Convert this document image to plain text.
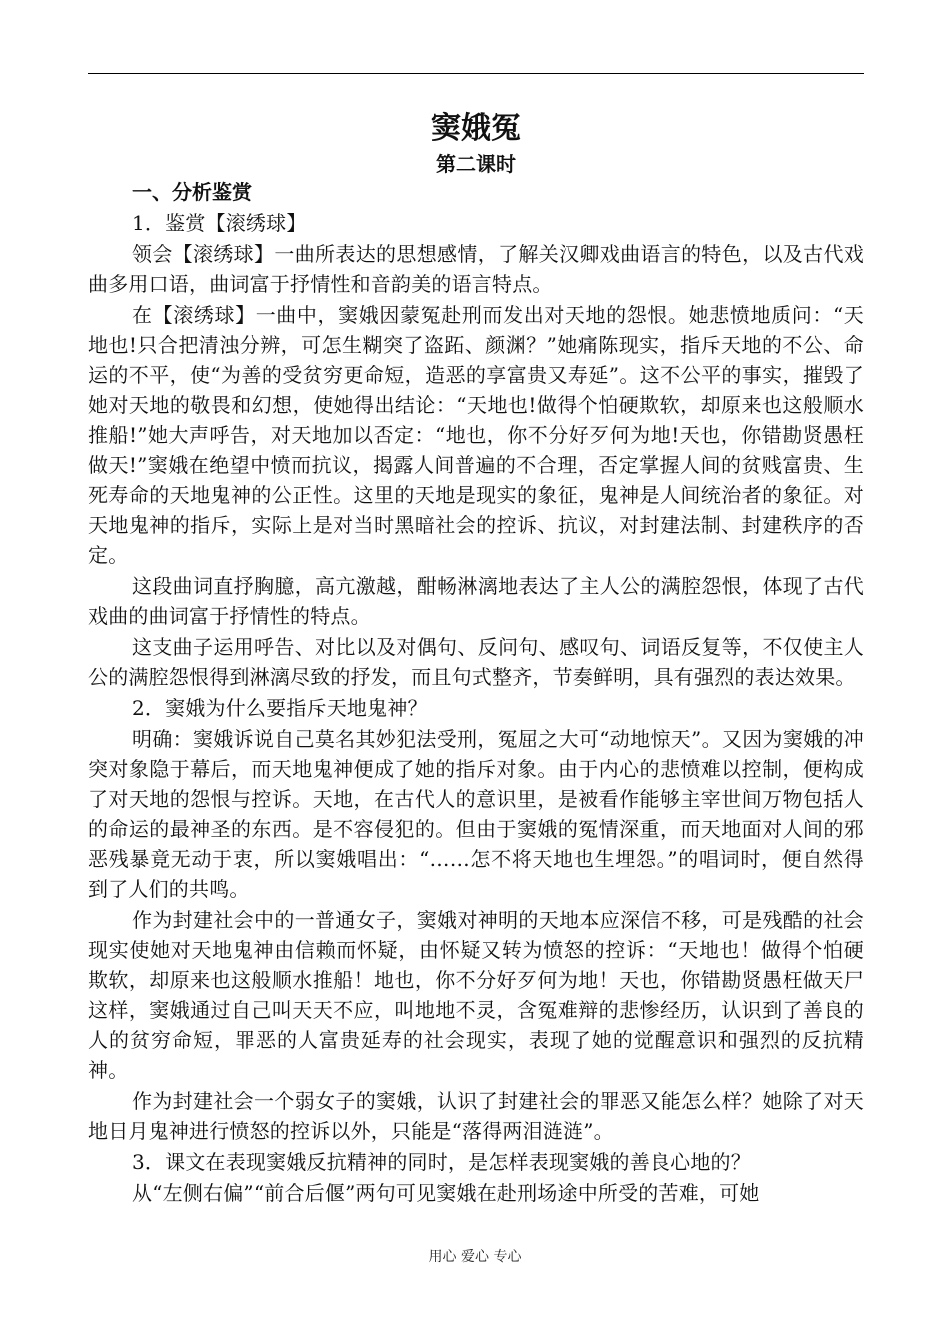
窦娥冤
第二课时
一、分析鉴赏

1．鉴赏【滚绣球】

领会【滚绣球】一曲所表达的思想感情，了解关汉卿戏曲语言的特色，以及古代戏曲多用口语，曲词富于抒情性和音韵美的语言特点。

在【滚绣球】一曲中，窦娥因蒙冤赴刑而发出对天地的怨恨。她悲愤地质问：“天地也!只合把清浊分辨，可怎生糊突了盗跖、颜渊？”她痛陈现实，指斥天地的不公、命运的不平，使“为善的受贫穷更命短，造恶的享富贵又寿延”。这不公平的事实，摧毁了她对天地的敬畏和幻想，使她得出结论：“天地也!做得个怕硬欺软，却原来也这般顺水推船!”她大声呼告，对天地加以否定：“地也，你不分好歹何为地!天也，你错勘贤愚枉做天!”窦娥在绝望中愤而抗议，揭露人间普遍的不合理，否定掌握人间的贫贱富贵、生死寿命的天地鬼神的公正性。这里的天地是现实的象征，鬼神是人间统治者的象征。对天地鬼神的指斥，实际上是对当时黑暗社会的控诉、抗议，对封建法制、封建秩序的否定。

这段曲词直抒胸臆，高亢激越，酣畅淋漓地表达了主人公的满腔怨恨，体现了古代戏曲的曲词富于抒情性的特点。

这支曲子运用呼告、对比以及对偶句、反问句、感叹句、词语反复等，不仅使主人公的满腔怨恨得到淋漓尽致的抒发，而且句式整齐，节奏鲜明，具有强烈的表达效果。

2．窦娥为什么要指斥天地鬼神？

明确：窦娥诉说自己莫名其妙犯法受刑，冤屈之大可“动地惊天”。又因为窦娥的冲突对象隐于幕后，而天地鬼神便成了她的指斥对象。由于内心的悲愤难以控制，便构成了对天地的怨恨与控诉。天地，在古代人的意识里，是被看作能够主宰世间万物包括人的命运的最神圣的东西。是不容侵犯的。但由于窦娥的冤情深重，而天地面对人间的邪恶残暴竟无动于衷，所以窦娥唱出：“……怎不将天地也生埋怨。”的唱词时，便自然得到了人们的共鸣。

作为封建社会中的一普通女子，窦娥对神明的天地本应深信不移，可是残酷的社会现实使她对天地鬼神由信赖而怀疑，由怀疑又转为愤怒的控诉：“天地也！做得个怕硬欺软，却原来也这般顺水推船！地也，你不分好歹何为地！天也，你错勘贤愚枉做天尸这样，窦娥通过自己叫天天不应，叫地地不灵，含冤难辩的悲惨经历，认识到了善良的人的贫穷命短，罪恶的人富贵延寿的社会现实，表现了她的觉醒意识和强烈的反抗精神。

作为封建社会一个弱女子的窦娥，认识了封建社会的罪恶又能怎么样？她除了对天地日月鬼神进行愤怒的控诉以外，只能是“落得两泪涟涟”。

3．课文在表现窦娥反抗精神的同时，是怎样表现窦娥的善良心地的？

从“左侧右偏”“前合后偃”两句可见窦娥在赴刑场途中所受的苦难，可她

用心 爱心 专心
